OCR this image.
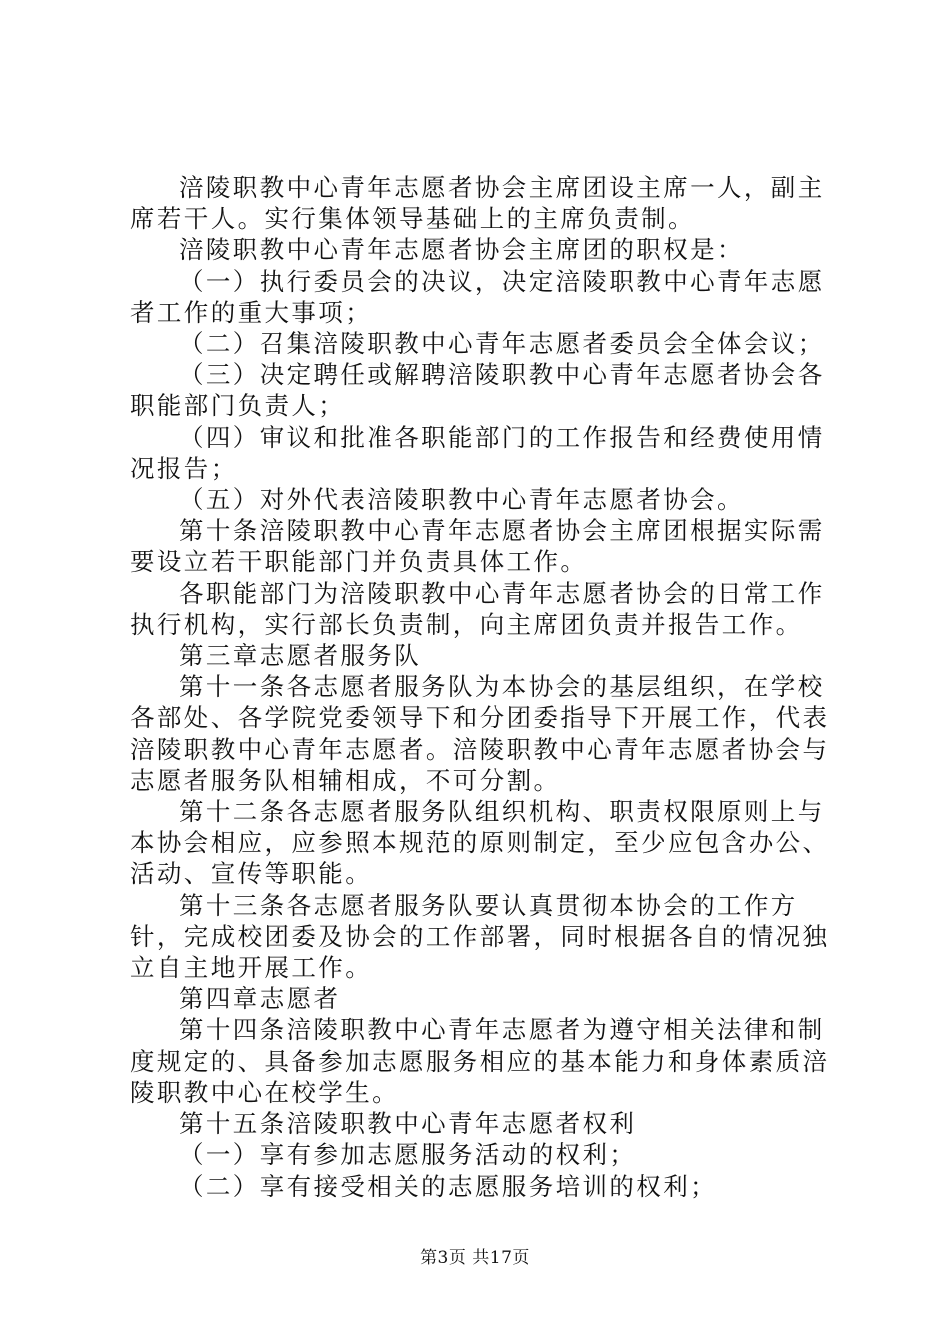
涪陵职教中心青年志愿者协会主席团设主席一人，副主席若干人。实行集体领导基础上的主席负责制。

涪陵职教中心青年志愿者协会主席团的职权是：

（一）执行委员会的决议，决定涪陵职教中心青年志愿者工作的重大事项；

（二）召集涪陵职教中心青年志愿者委员会全体会议；

（三）决定聘任或解聘涪陵职教中心青年志愿者协会各职能部门负责人；

（四）审议和批准各职能部门的工作报告和经费使用情况报告；

（五）对外代表涪陵职教中心青年志愿者协会。

第十条涪陵职教中心青年志愿者协会主席团根据实际需要设立若干职能部门并负责具体工作。

各职能部门为涪陵职教中心青年志愿者协会的日常工作执行机构，实行部长负责制，向主席团负责并报告工作。

第三章志愿者服务队

第十一条各志愿者服务队为本协会的基层组织，在学校各部处、各学院党委领导下和分团委指导下开展工作，代表涪陵职教中心青年志愿者。涪陵职教中心青年志愿者协会与志愿者服务队相辅相成，不可分割。

第十二条各志愿者服务队组织机构、职责权限原则上与本协会相应，应参照本规范的原则制定，至少应包含办公、活动、宣传等职能。

第十三条各志愿者服务队要认真贯彻本协会的工作方针，完成校团委及协会的工作部署，同时根据各自的情况独立自主地开展工作。

第四章志愿者

第十四条涪陵职教中心青年志愿者为遵守相关法律和制度规定的、具备参加志愿服务相应的基本能力和身体素质涪陵职教中心在校学生。

第十五条涪陵职教中心青年志愿者权利

（一）享有参加志愿服务活动的权利；

（二）享有接受相关的志愿服务培训的权利；

第3页 共17页
